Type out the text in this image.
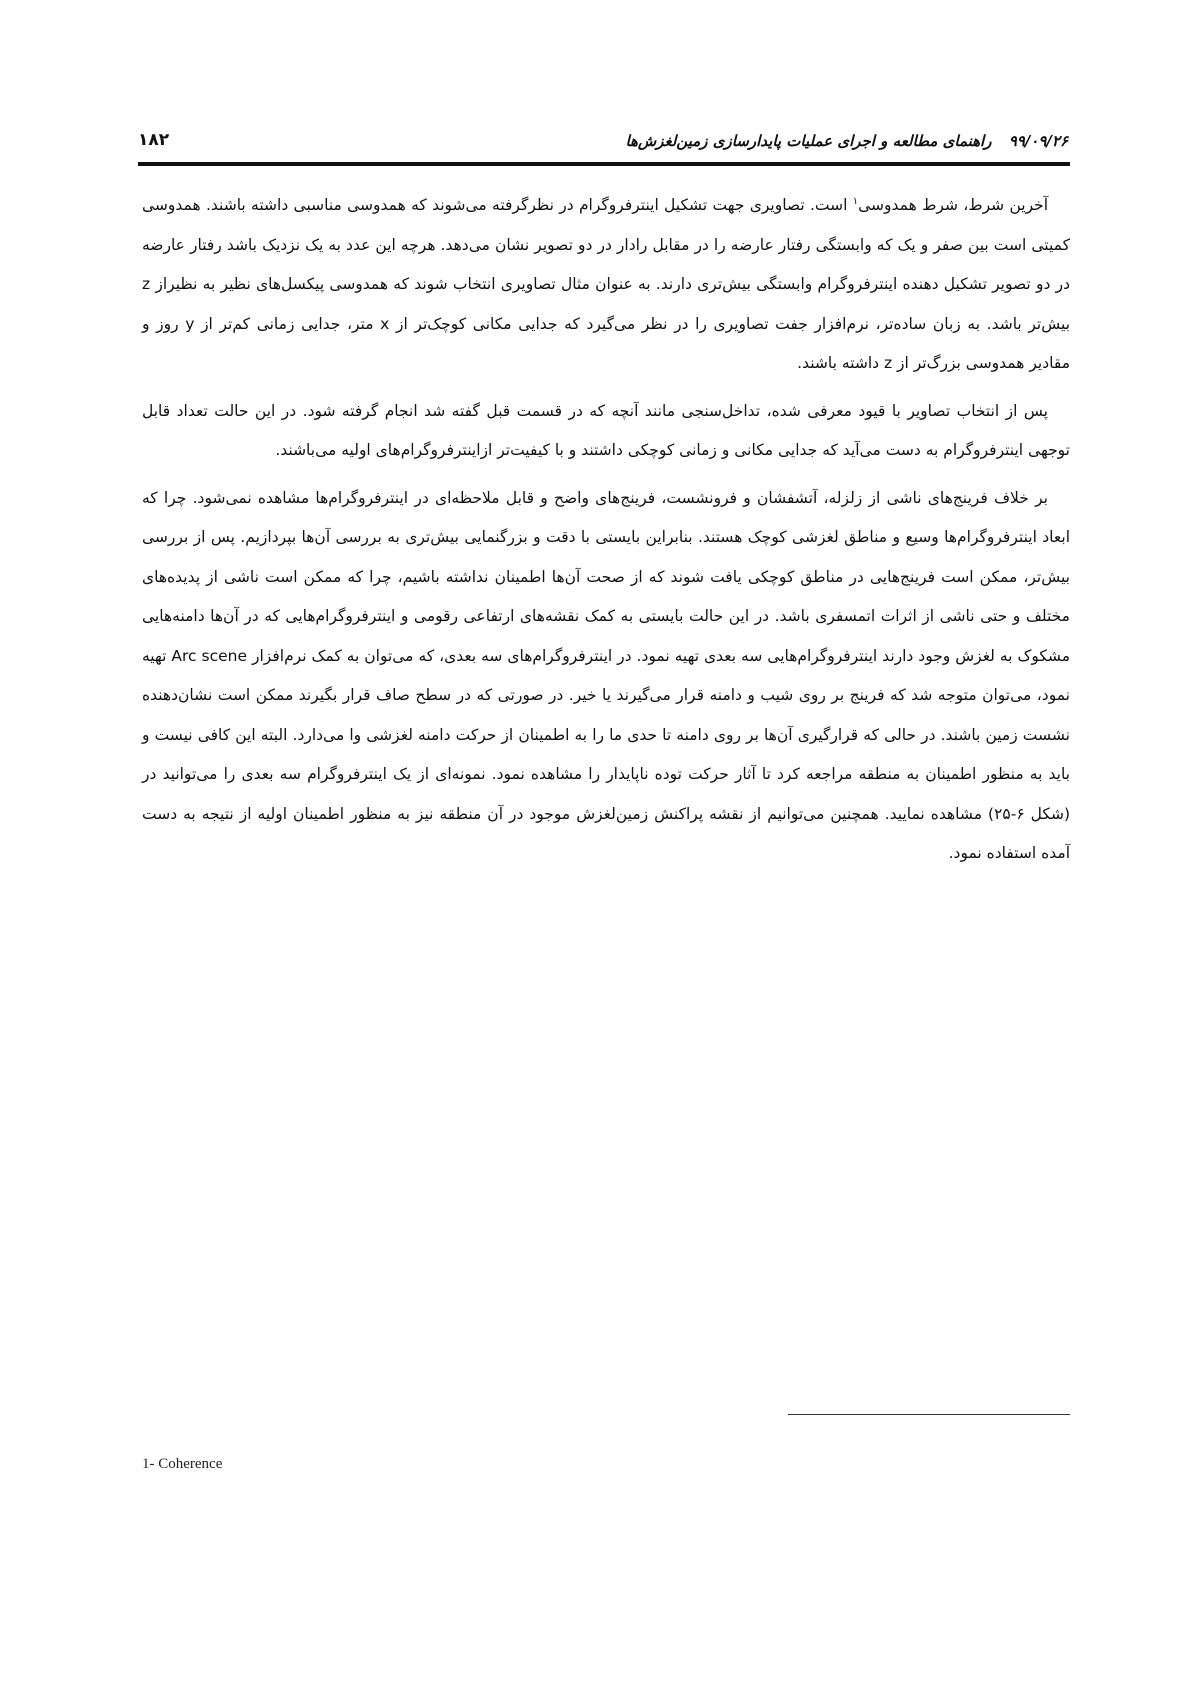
۹۹/۰۹/۲۶ راهنمای مطالعه و اجرای عملیات پایدارسازی زمین‌لغزش‌ها
۱۸۲

آخرین شرط، شرط همدوسی$^۱$ است. تصاویری جهت تشکیل اینترفروگرام در نظرگرفته می‌شوند که همدوسی مناسبی داشته باشند. همدوسی کمیتی است بین صفر و یک که وابستگی رفتار عارضه را در مقابل رادار در دو تصویر نشان می‌دهد. هرچه این عدد به یک نزدیک باشد رفتار عارضه در دو تصویر تشکیل دهنده اینترفروگرام وابستگی بیش‌تری دارند. به عنوان مثال تصاویری انتخاب شوند که همدوسی پیکسل‌های نظیر به نظیراز z بیش‌تر باشد. به زبان ساده‌تر، نرم‌افزار جفت تصاویری را در نظر می‌گیرد که جدایی مکانی کوچک‌تر از x متر، جدایی زمانی کم‌تر از y روز و مقادیر همدوسی بزرگ‌تر از z داشته باشند.

پس از انتخاب تصاویر با قیود معرفی شده، تداخل‌سنجی مانند آنچه که در قسمت قبل گفته شد انجام گرفته شود. در این حالت تعداد قابل توجهی اینترفروگرام به دست می‌آید که جدایی مکانی و زمانی کوچکی داشتند و با کیفیت‌تر ازاینترفروگرام‌های اولیه می‌باشند.

بر خلاف فرینج‌های ناشی از زلزله، آتشفشان و فرونشست، فرینج‌های واضح و قابل ملاحظه‌ای در اینترفروگرام‌ها مشاهده نمی‌شود. چرا که ابعاد اینترفروگرام‌ها وسیع و مناطق لغزشی کوچک هستند. بنابراین بایستی با دقت و بزرگنمایی بیش‌تری به بررسی آن‌ها بپردازیم. پس از بررسی بیش‌تر، ممکن است فرینج‌هایی در مناطق کوچکی یافت شوند که از صحت آن‌ها اطمینان نداشته باشیم، چرا که ممکن است ناشی از پدیده‌های مختلف و حتی ناشی از اثرات اتمسفری باشد. در این حالت بایستی به کمک نقشه‌های ارتفاعی رقومی و اینترفروگرام‌هایی که در آن‌ها دامنه‌هایی مشکوک به لغزش وجود دارند اینترفروگرام‌هایی سه بعدی تهیه نمود. در اینترفروگرام‌های سه بعدی، که می‌توان به کمک نرم‌افزار Arc scene تهیه نمود، می‌توان متوجه شد که فرینج بر روی شیب و دامنه قرار می‌گیرند یا خیر. در صورتی که در سطح صاف قرار بگیرند ممکن است نشان‌دهنده نشست زمین باشند. در حالی که قرارگیری آن‌ها بر روی دامنه تا حدی ما را به اطمینان از حرکت دامنه لغزشی وا می‌دارد. البته این کافی نیست و باید به منظور اطمینان به منطقه مراجعه کرد تا آثار حرکت توده ناپایدار را مشاهده نمود. نمونه‌ای از یک اینترفروگرام سه بعدی را می‌توانید در (شکل ۶-۲۵) مشاهده نمایید. همچنین می‌توانیم از نقشه پراکنش زمین‌لغزش موجود در آن منطقه نیز به منظور اطمینان اولیه از نتیجه به دست آمده استفاده نمود.

1- Coherence
